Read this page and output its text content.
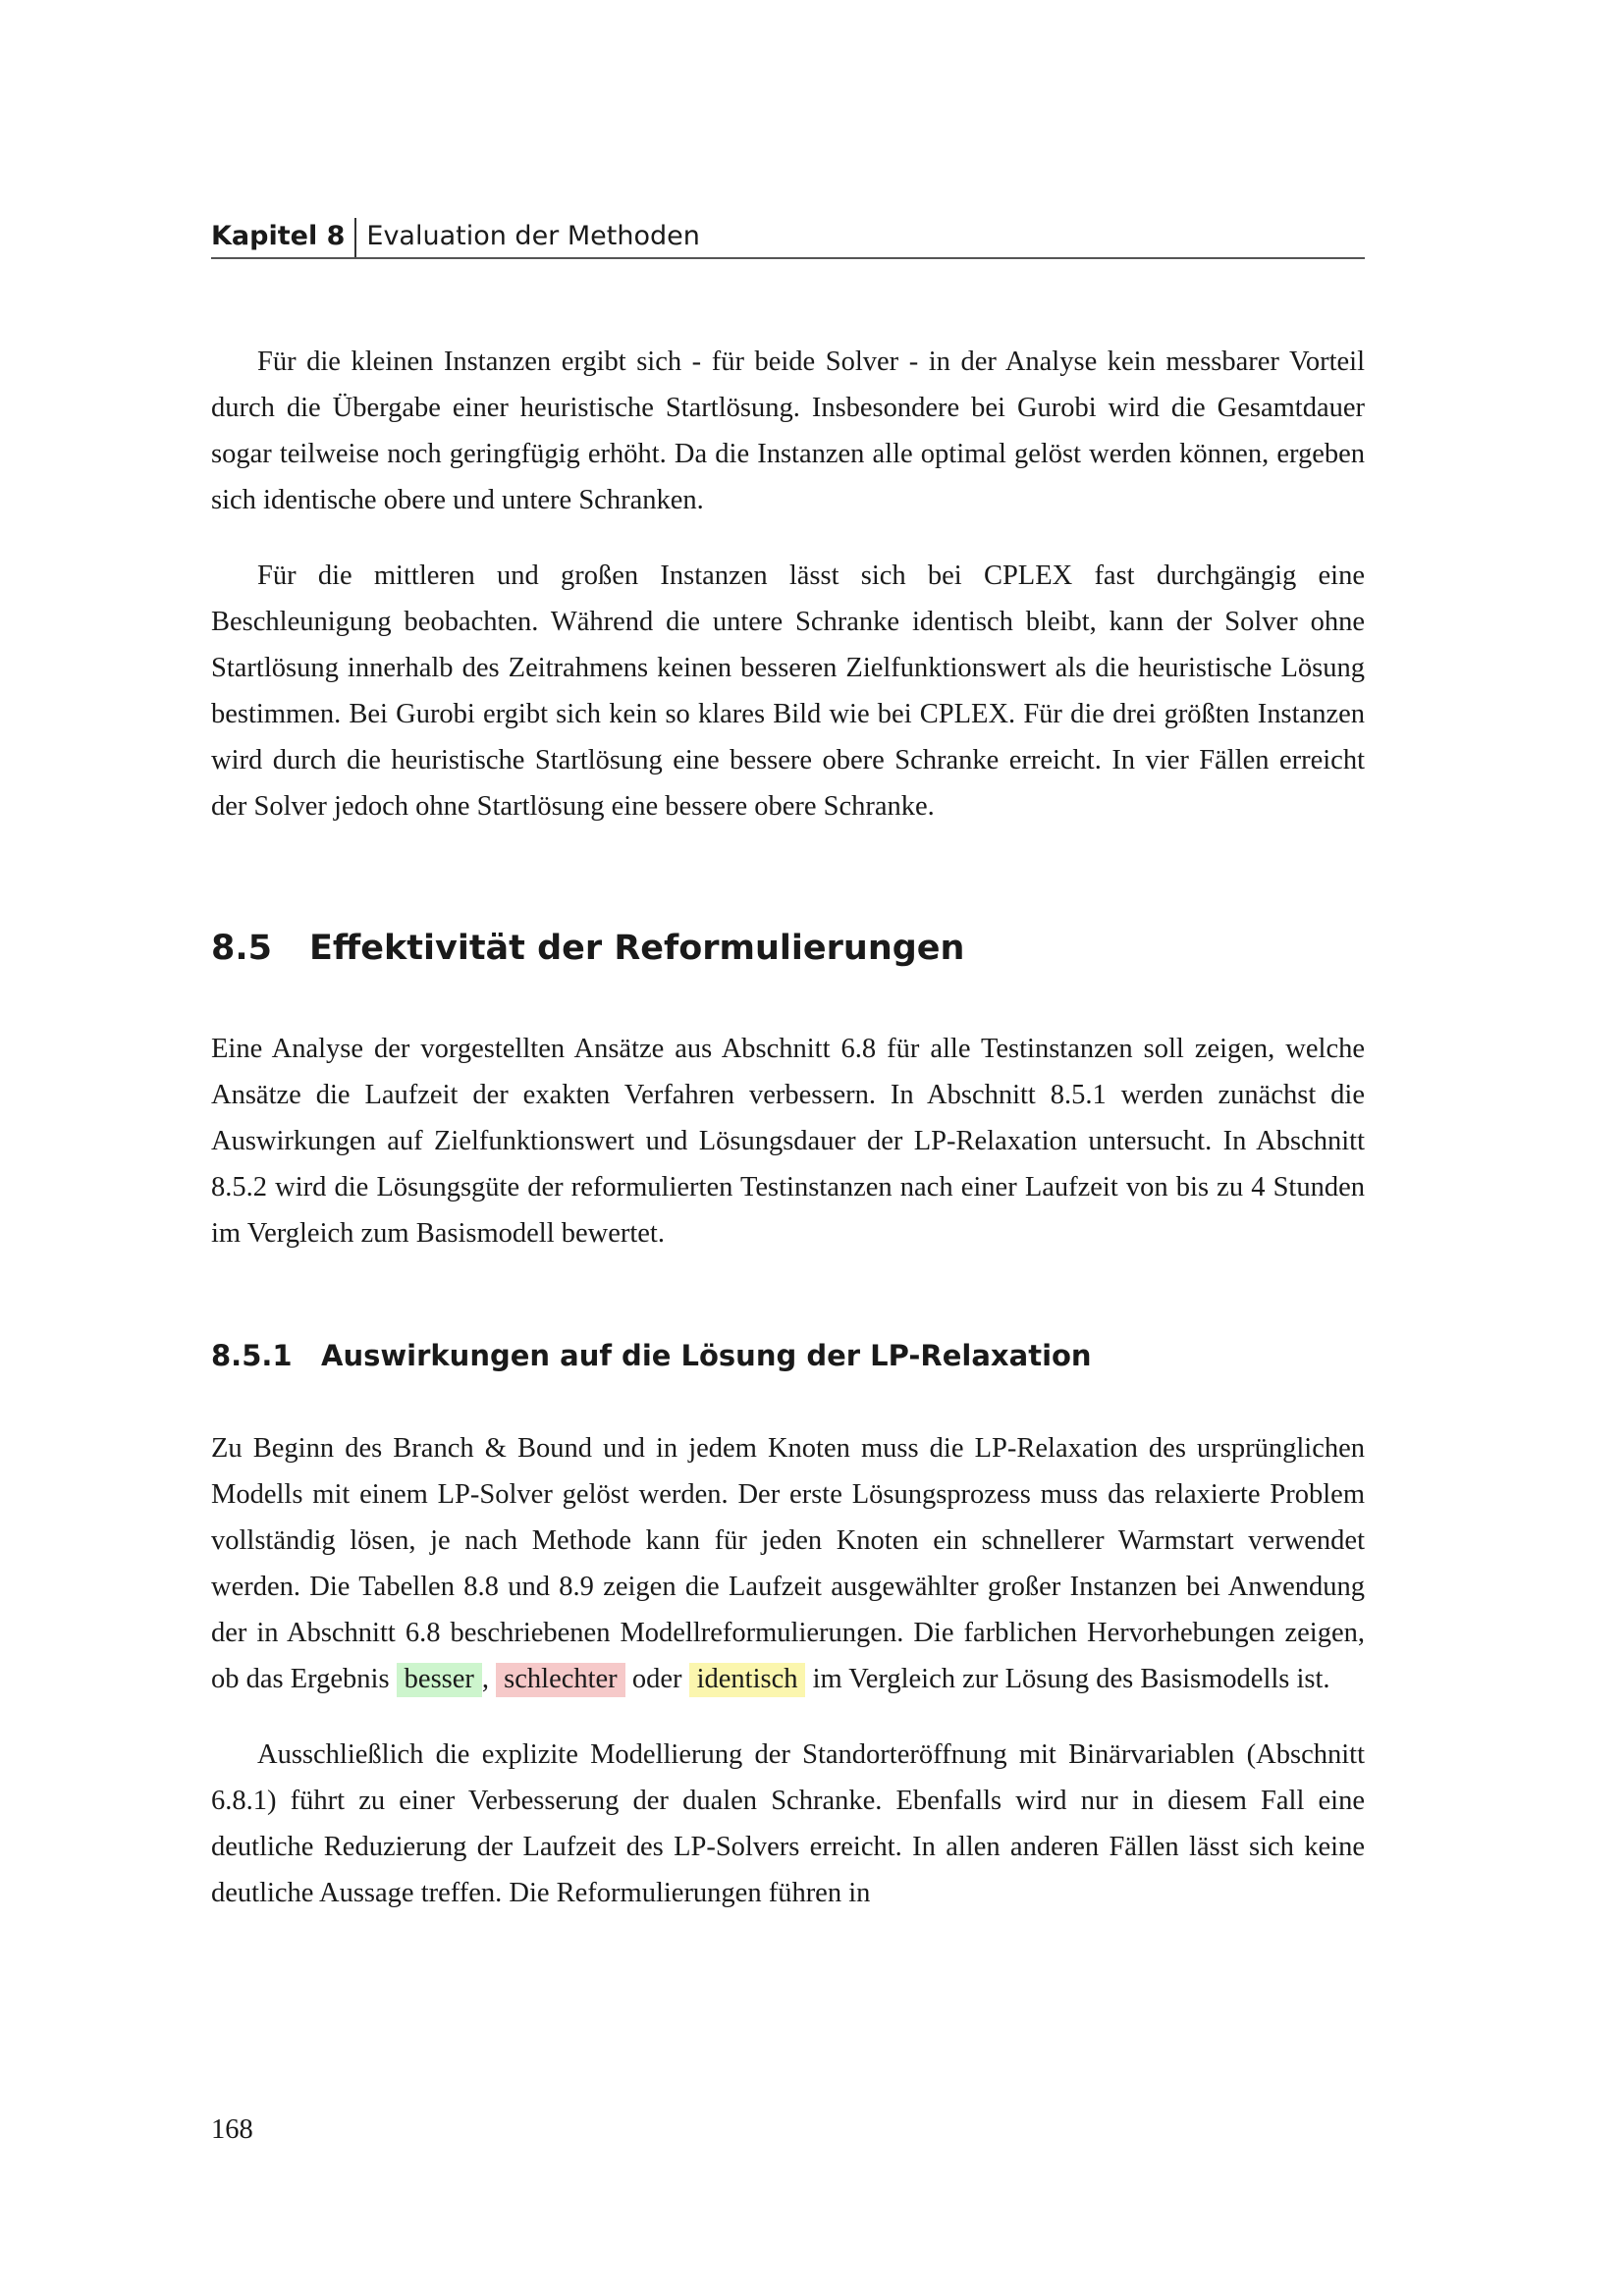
Kapitel 8 Evaluation der Methoden

Für die kleinen Instanzen ergibt sich - für beide Solver - in der Analyse kein messbarer Vorteil durch die Übergabe einer heuristische Startlösung. Insbesondere bei Gurobi wird die Gesamtdauer sogar teilweise noch geringfügig erhöht. Da die Instanzen alle optimal gelöst werden können, ergeben sich identische obere und untere Schranken.

Für die mittleren und großen Instanzen lässt sich bei CPLEX fast durchgängig eine Beschleunigung beobachten. Während die untere Schranke identisch bleibt, kann der Solver ohne Startlösung innerhalb des Zeitrahmens keinen besseren Zielfunktionswert als die heuristische Lösung bestimmen. Bei Gurobi ergibt sich kein so klares Bild wie bei CPLEX. Für die drei größten Instanzen wird durch die heuristische Startlösung eine bessere obere Schranke erreicht. In vier Fällen erreicht der Solver jedoch ohne Startlösung eine bessere obere Schranke.

8.5 Effektivität der Reformulierungen

Eine Analyse der vorgestellten Ansätze aus Abschnitt 6.8 für alle Testinstanzen soll zeigen, welche Ansätze die Laufzeit der exakten Verfahren verbessern. In Abschnitt 8.5.1 werden zunächst die Auswirkungen auf Zielfunktionswert und Lösungsdauer der LP-Relaxation untersucht. In Abschnitt 8.5.2 wird die Lösungsgüte der reformulierten Testinstanzen nach einer Laufzeit von bis zu 4 Stunden im Vergleich zum Basismodell bewertet.

8.5.1 Auswirkungen auf die Lösung der LP-Relaxation

Zu Beginn des Branch & Bound und in jedem Knoten muss die LP-Relaxation des ursprünglichen Modells mit einem LP-Solver gelöst werden. Der erste Lösungsprozess muss das relaxierte Problem vollständig lösen, je nach Methode kann für jeden Knoten ein schnellerer Warmstart verwendet werden. Die Tabellen 8.8 und 8.9 zeigen die Laufzeit ausgewählter großer Instanzen bei Anwendung der in Abschnitt 6.8 beschriebenen Modellreformulierungen. Die farblichen Hervorhebungen zeigen, ob das Ergebnis besser , schlechter oder identisch im Vergleich zur Lösung des Basismodells ist.

Ausschließlich die explizite Modellierung der Standorteröffnung mit Binärvariablen (Abschnitt 6.8.1) führt zu einer Verbesserung der dualen Schranke. Ebenfalls wird nur in diesem Fall eine deutliche Reduzierung der Laufzeit des LP-Solvers erreicht. In allen anderen Fällen lässt sich keine deutliche Aussage treffen. Die Reformulierungen führen in

168
